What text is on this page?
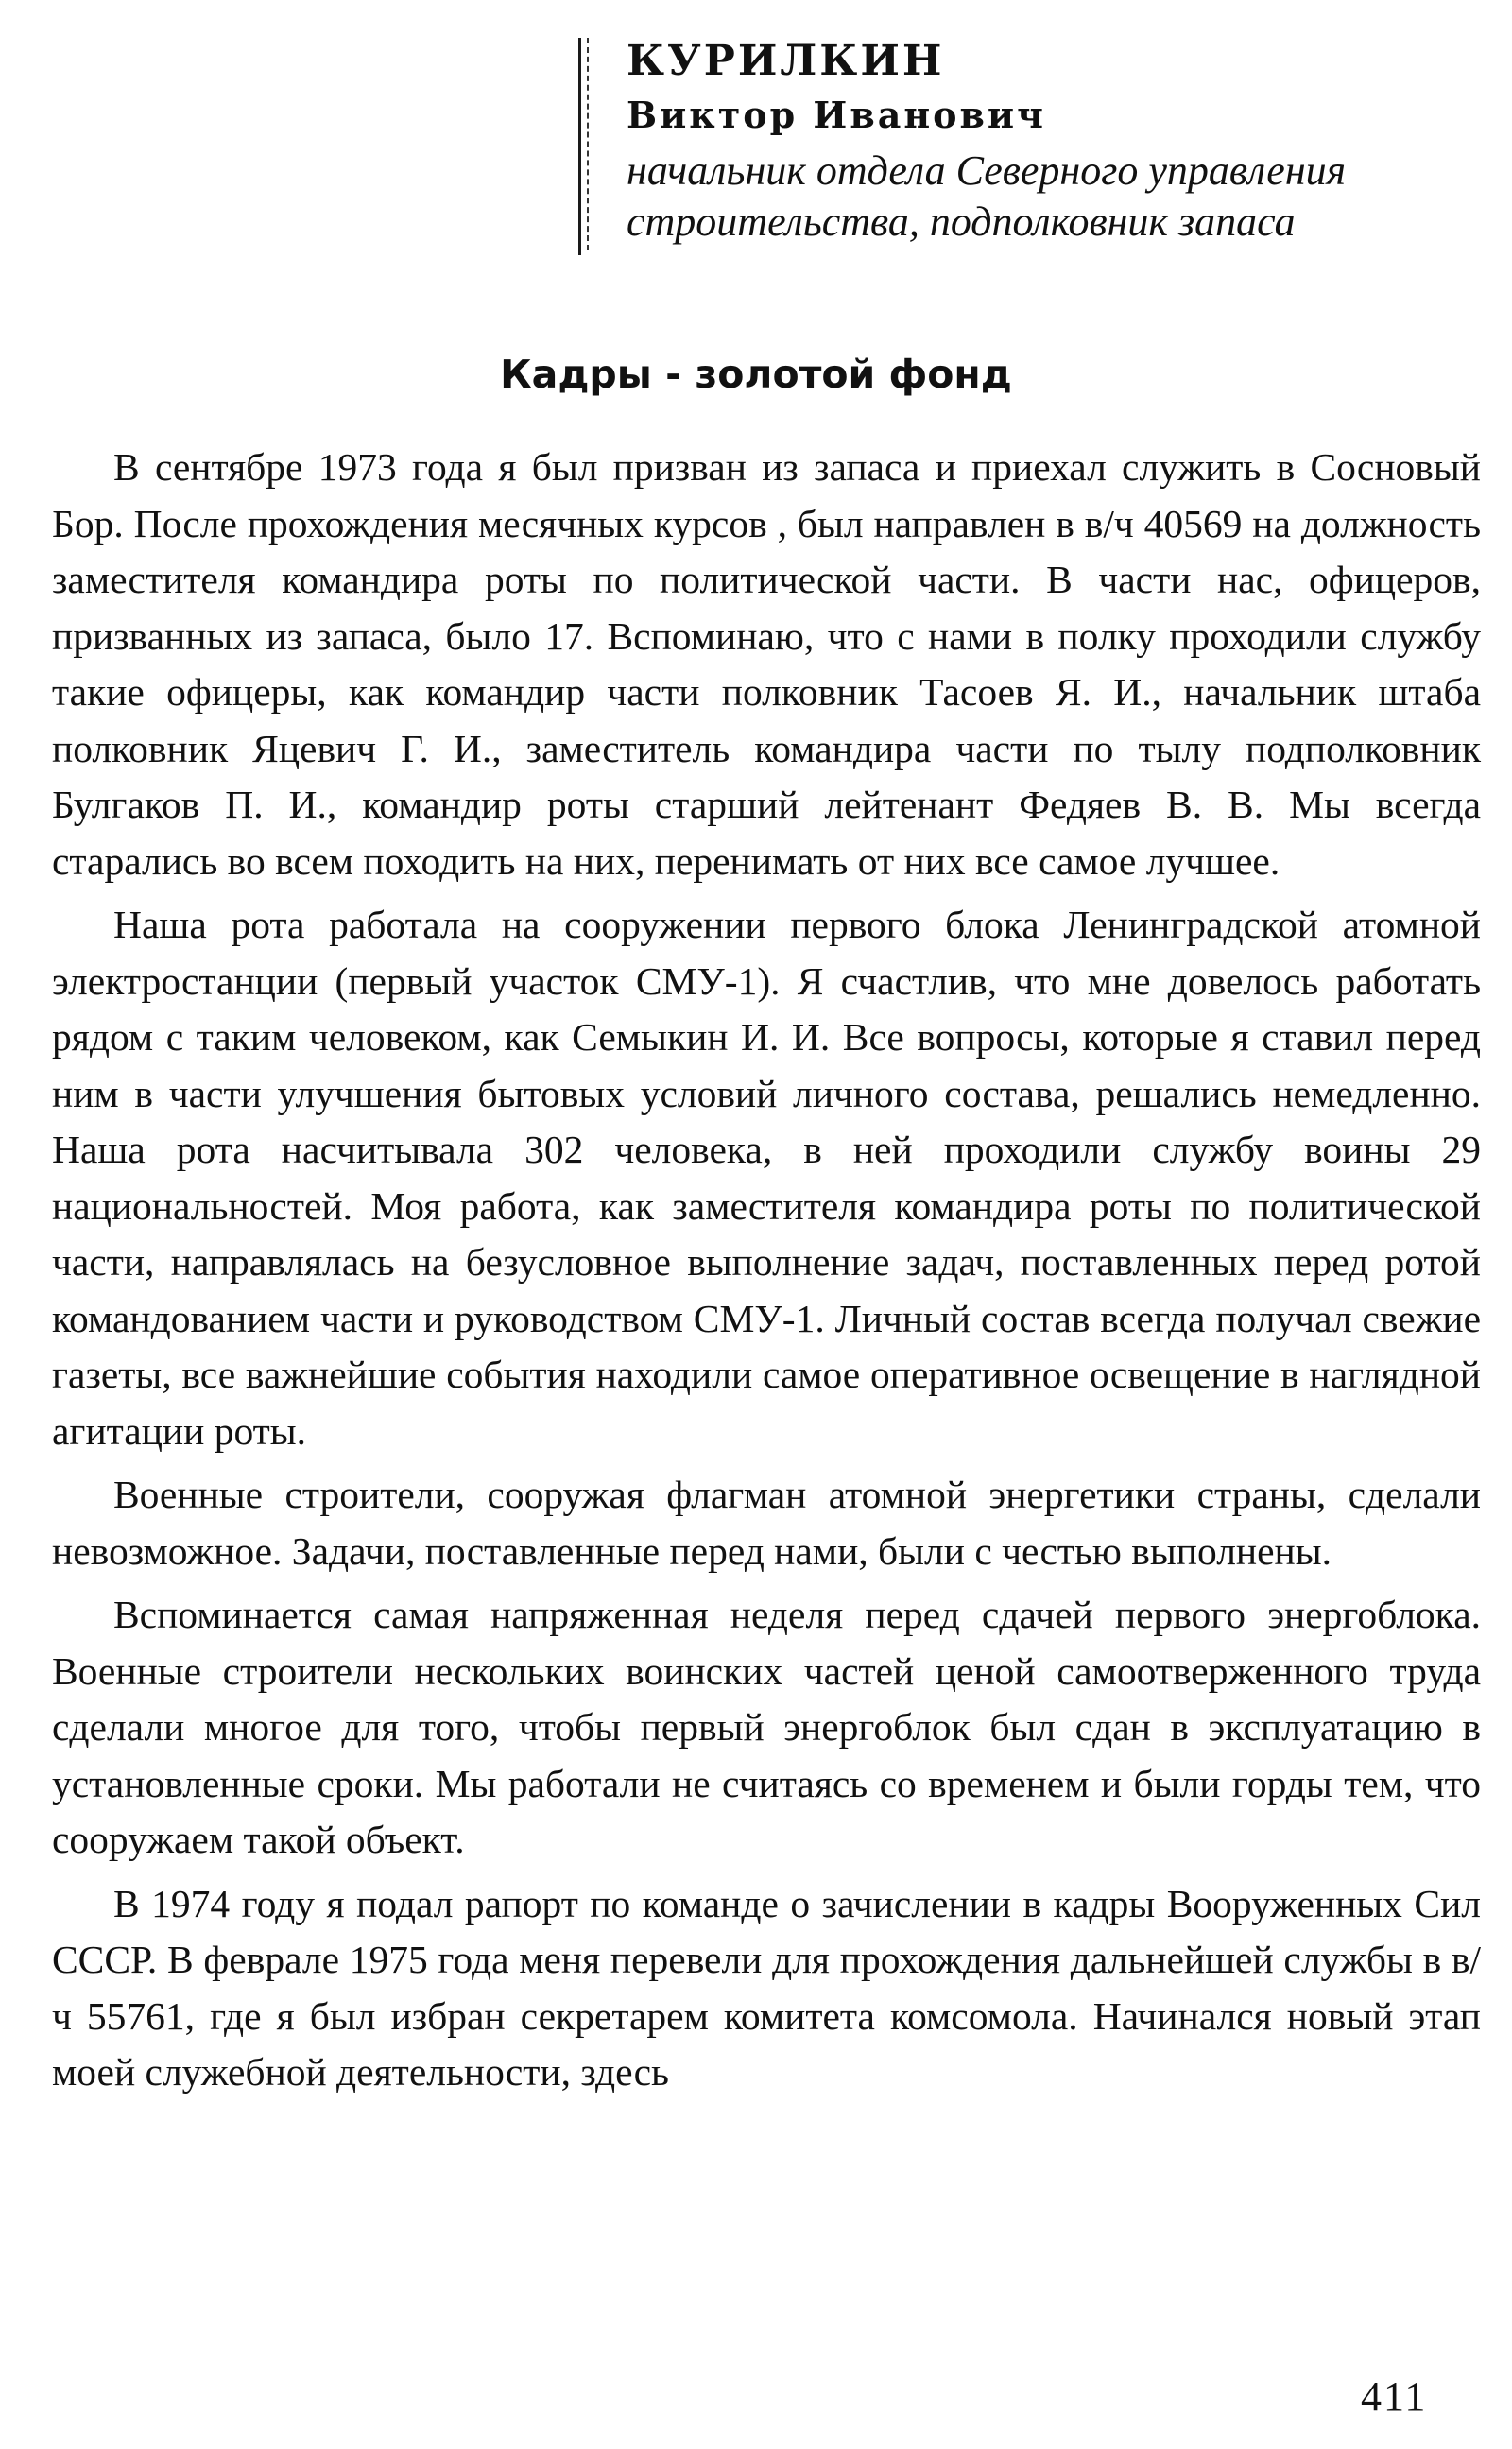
КУРИЛКИН

Виктор Иванович

начальник отдела Северного управления
строительства, подполковник запаса

Кадры - золотой фонд

В сентябре 1973 года я был призван из запаса и приехал служить в Сосновый Бор. После прохождения месячных курсов , был направлен в в/ч 40569 на должность заместителя командира роты по политической части. В части нас, офицеров, призванных из запаса, было 17. Вспоминаю, что с нами в полку проходили службу такие офицеры, как командир части полковник Тасоев Я. И., начальник штаба полковник Яцевич Г. И., заместитель командира части по тылу подполковник Булгаков П. И., командир роты старший лейтенант Федяев В. В. Мы всегда старались во всем походить на них, перенимать от них все самое лучшее.

Наша рота работала на сооружении первого блока Ленинградской атомной электростанции (первый участок СМУ-1). Я счастлив, что мне довелось работать рядом с таким человеком, как Семыкин И. И. Все вопросы, которые я ставил перед ним в части улучшения бытовых условий личного состава, решались немедленно. Наша рота насчитывала 302 человека, в ней проходили службу воины 29 национальностей. Моя работа, как заместителя командира роты по политической части, направлялась на безусловное выполнение задач, поставленных перед ротой командованием части и руководством СМУ-1. Личный состав всегда получал свежие газеты, все важнейшие события находили самое оперативное освещение в наглядной агитации роты.

Военные строители, сооружая флагман атомной энергетики страны, сделали невозможное. Задачи, поставленные перед нами, были с честью выполнены.

Вспоминается самая напряженная неделя перед сдачей первого энергоблока. Военные строители нескольких воинских частей ценой самоотверженного труда сделали многое для того, чтобы первый энергоблок был сдан в эксплуатацию в установленные сроки. Мы работали не считаясь со временем и были горды тем, что сооружаем такой объект.

В 1974 году я подал рапорт по команде о зачислении в кадры Вооруженных Сил СССР. В феврале 1975 года меня перевели для прохождения дальнейшей службы в в/ч 55761, где я был избран секретарем комитета комсомола. Начинался новый этап моей служебной деятельности, здесь

411
